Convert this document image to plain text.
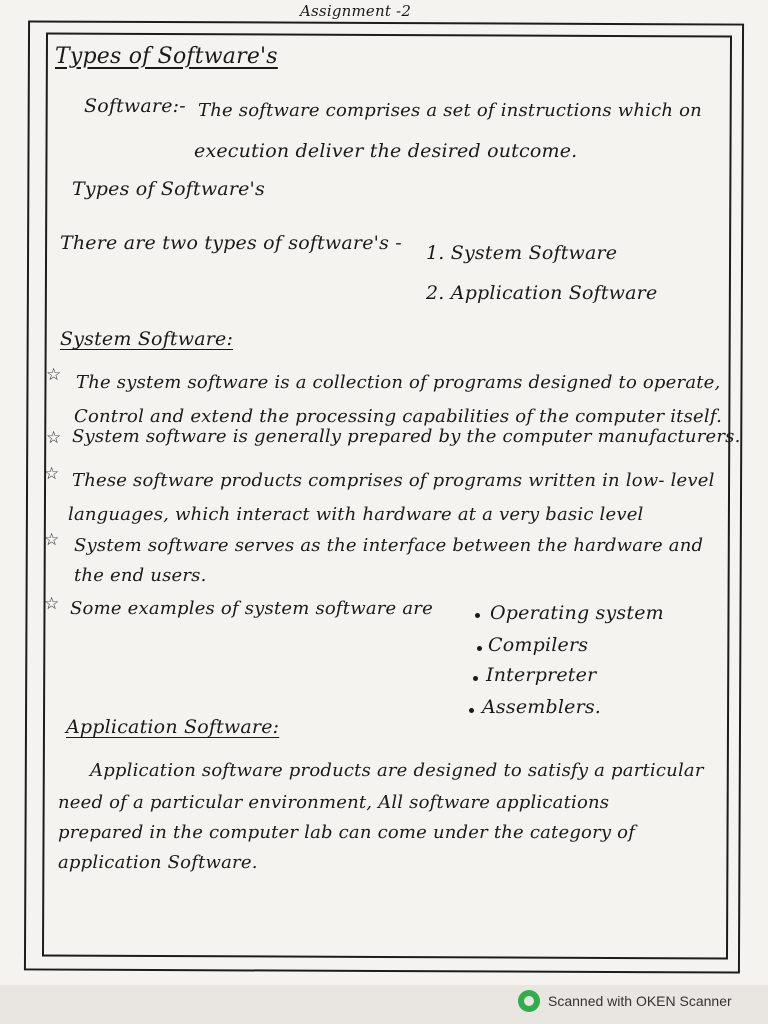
Assignment -2
Types of Software's
Software:- The software comprises a set of instructions which on
execution deliver the desired outcome.
Types of Software's
There are two types of software's - 1. System Software
2. Application Software
System Software:
☆ The system software is a collection of programs designed to operate,
Control and extend the processing capabilities of the computer itself.
☆ System software is generally prepared by the computer manufacturers.
☆ These software products comprises of programs written in low- level
languages, which interact with hardware at a very basic level
☆ System software serves as the interface between the hardware and
the end users.
☆ Some examples of system software are	Operating system
Compilers
Interpreter
Assemblers.
Application Software:
Application software products are designed to satisfy a particular
need of a particular environment, All software applications
prepared in the computer lab can come under the category of
application Software.
Scanned with OKEN Scanner
